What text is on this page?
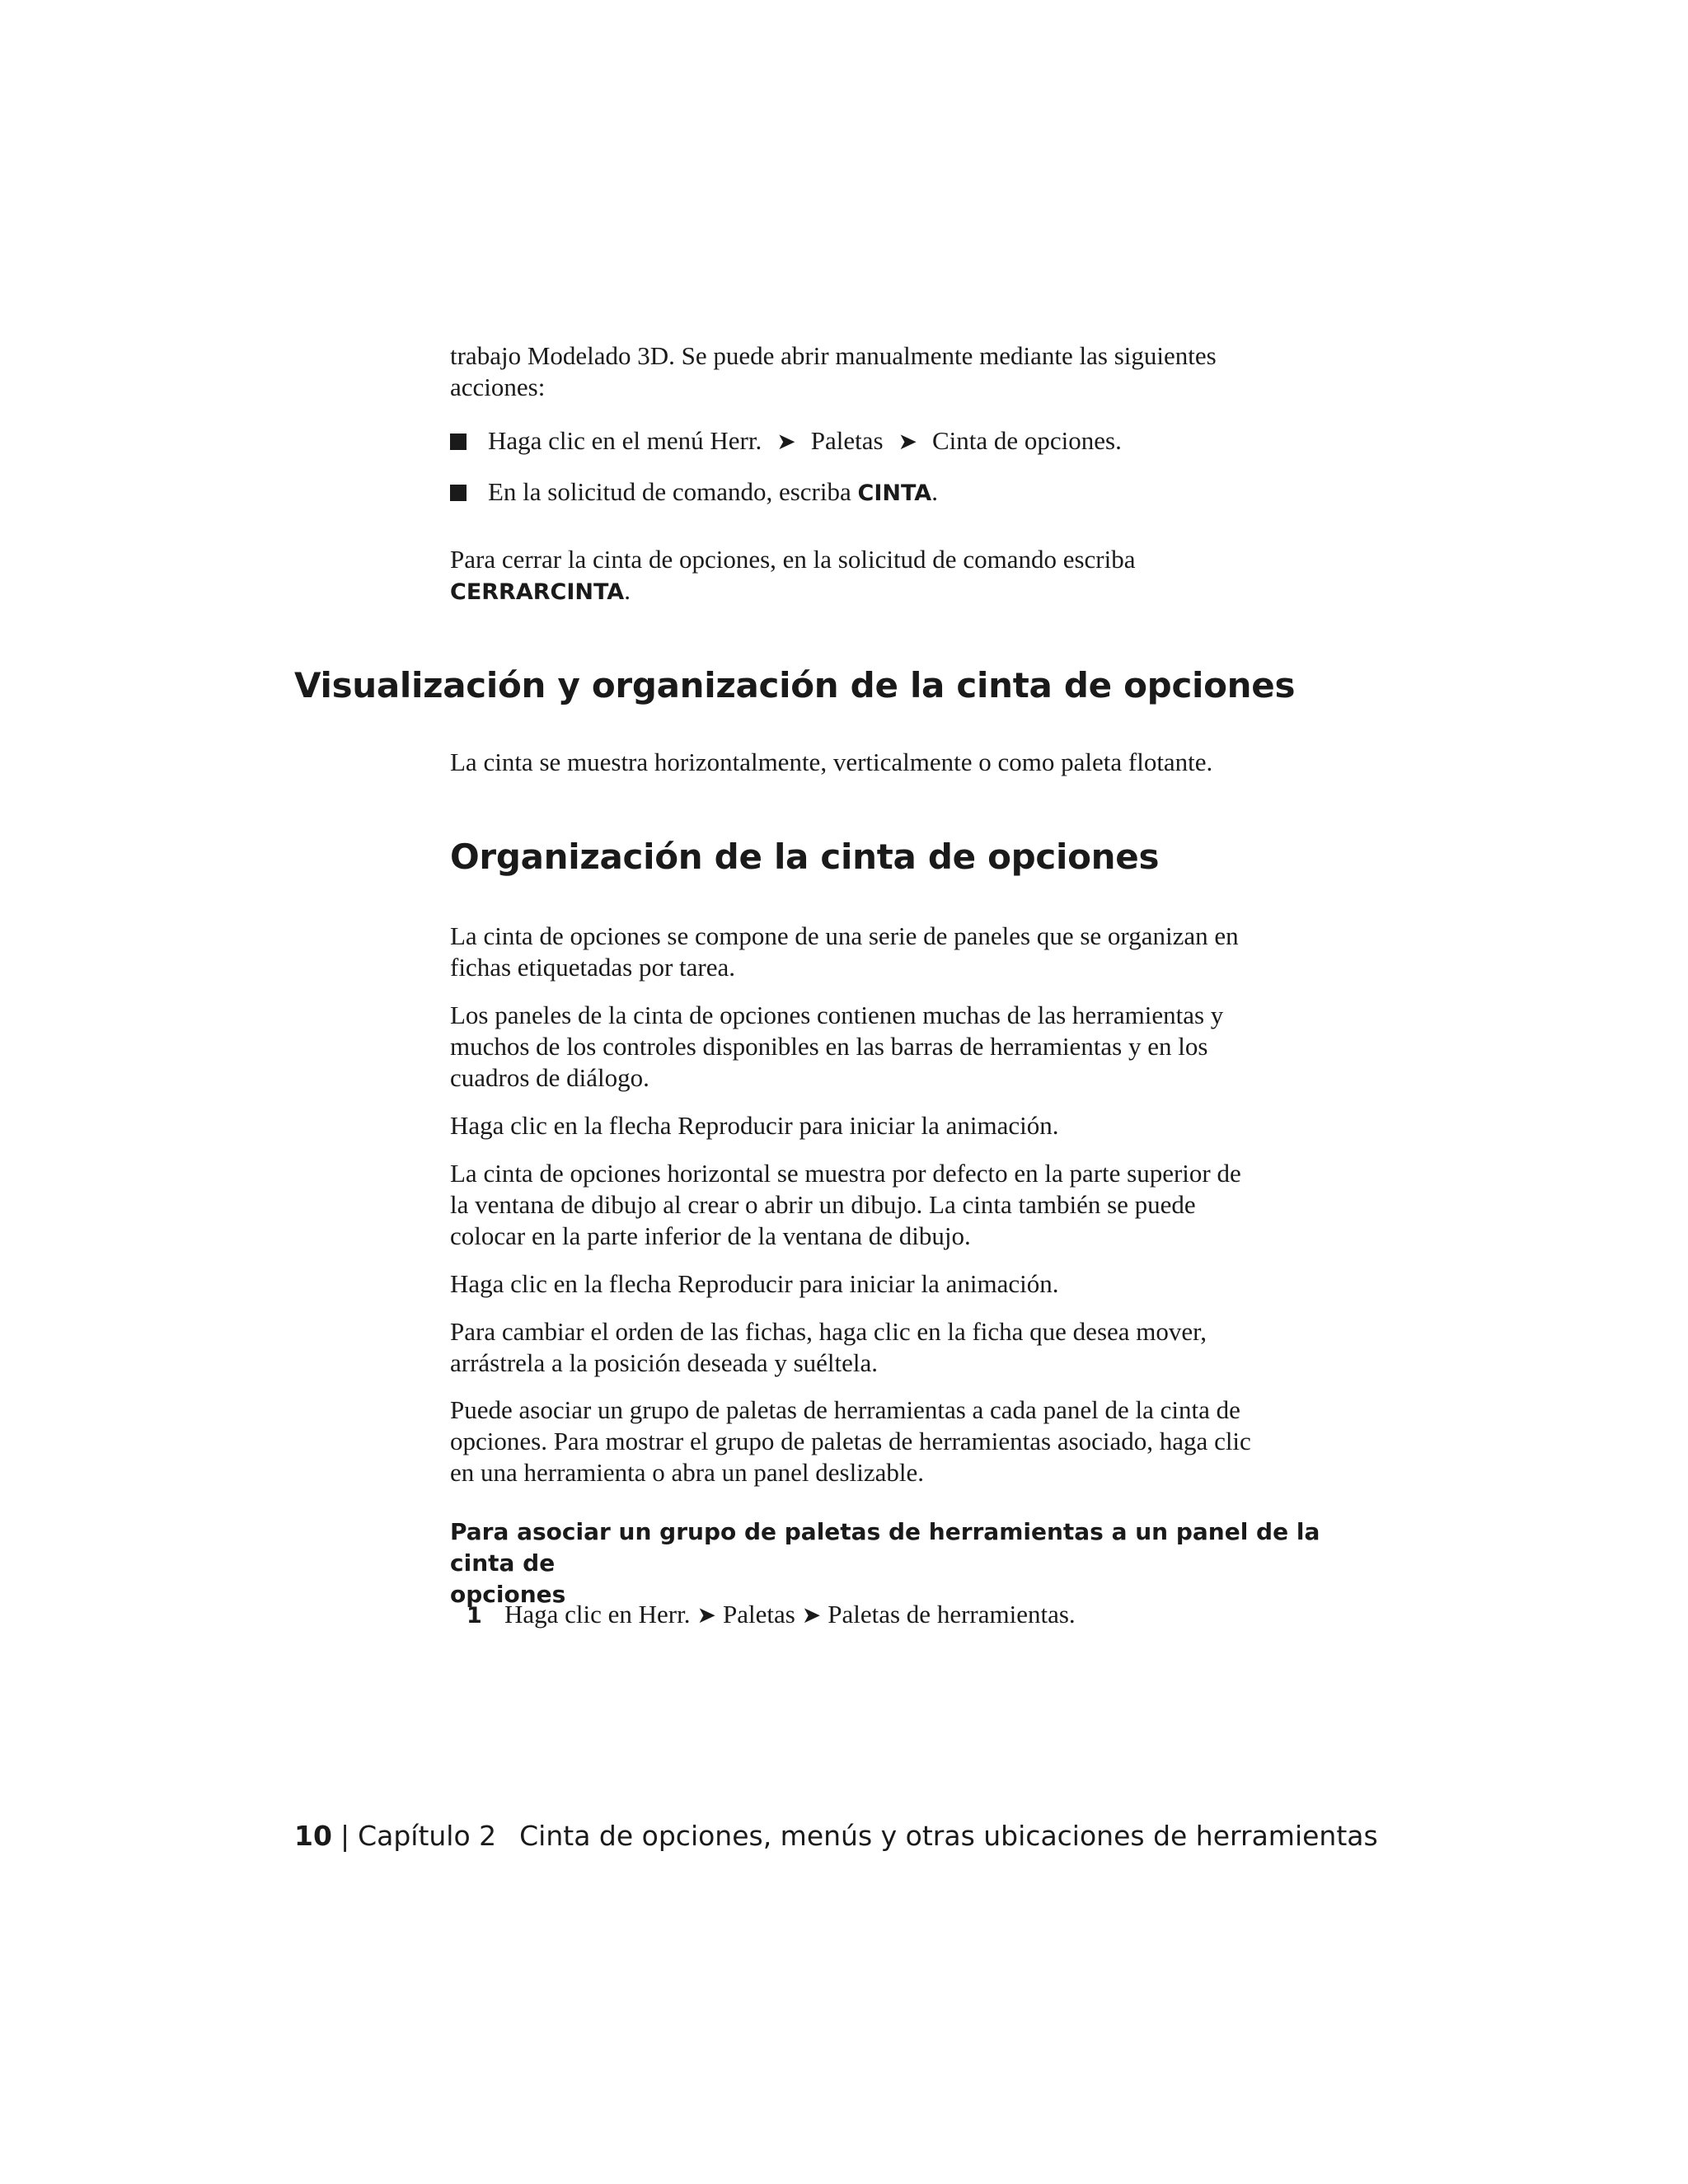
trabajo Modelado 3D. Se puede abrir manualmente mediante las siguientes
acciones:
Haga clic en el menú Herr. ➤ Paletas ➤ Cinta de opciones.
En la solicitud de comando, escriba CINTA.
Para cerrar la cinta de opciones, en la solicitud de comando escriba
CERRARCINTA.
Visualización y organización de la cinta de opciones
La cinta se muestra horizontalmente, verticalmente o como paleta flotante.
Organización de la cinta de opciones
La cinta de opciones se compone de una serie de paneles que se organizan en
fichas etiquetadas por tarea.
Los paneles de la cinta de opciones contienen muchas de las herramientas y
muchos de los controles disponibles en las barras de herramientas y en los
cuadros de diálogo.
Haga clic en la flecha Reproducir para iniciar la animación.
La cinta de opciones horizontal se muestra por defecto en la parte superior de
la ventana de dibujo al crear o abrir un dibujo. La cinta también se puede
colocar en la parte inferior de la ventana de dibujo.
Haga clic en la flecha Reproducir para iniciar la animación.
Para cambiar el orden de las fichas, haga clic en la ficha que desea mover,
arrástrela a la posición deseada y suéltela.
Puede asociar un grupo de paletas de herramientas a cada panel de la cinta de
opciones. Para mostrar el grupo de paletas de herramientas asociado, haga clic
en una herramienta o abra un panel deslizable.
Para asociar un grupo de paletas de herramientas a un panel de la cinta de
opciones
1 Haga clic en Herr. ➤ Paletas ➤ Paletas de herramientas.
10 | Capítulo 2 Cinta de opciones, menús y otras ubicaciones de herramientas
